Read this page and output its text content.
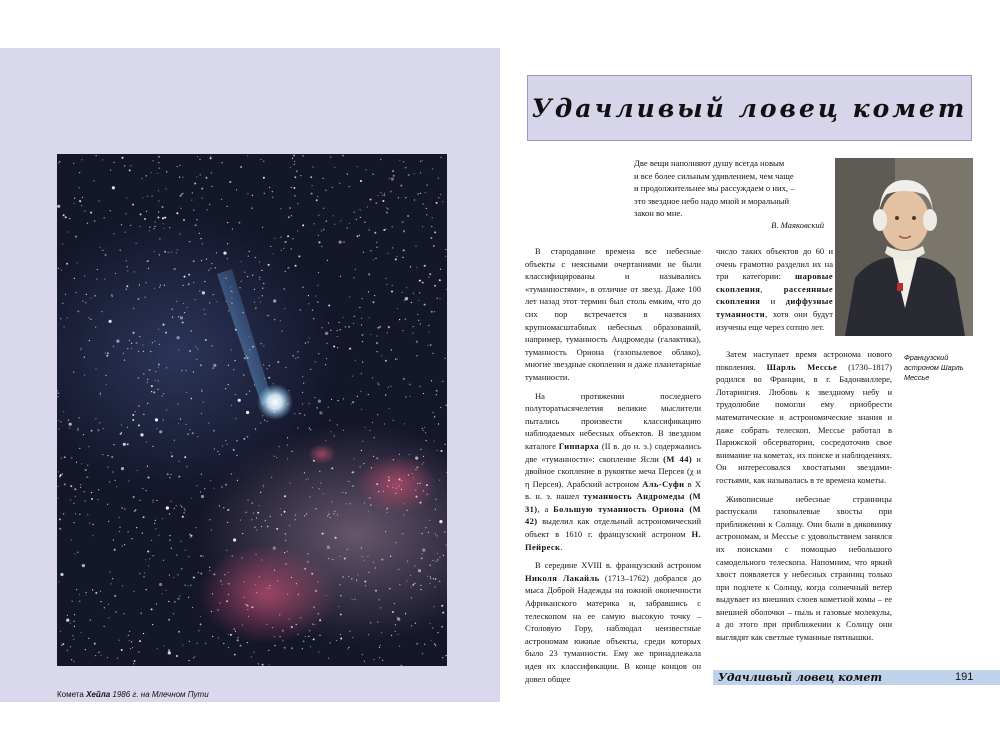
Комета Хейла 1986 г. на Млечном Пути
Удачливый ловец комет
Две вещи наполняют душу всегда новым
и все более сильным удивлением, чем чаще
и продолжительнее мы рассуждаем о них, –
это звездное небо надо мной и моральный
закон во мне.
В. Маяковский
Французский астроном Шарль Мессье

В стародавние времена все небесные объекты с неясными очертаниями не были классифицированы и назывались «туманностями», в отличие от звезд. Даже 100 лет назад этот термин был столь емким, что до сих пор встречается в названиях крупномасштабных небесных образований, например, туманность Андромеды (галактика), туманность Ориона (газопылевое облако), многие звездные скопления и даже планетарные туманности.

На протяжении последнего полуторатысячелетия великие мыслители пытались произвести классификацию наблюдаемых небесных объектов. В звездном каталоге Гиппарха (II в. до н. э.) содержались две «туманности»: скопление Ясли (М 44) и двойное скопление в рукоятке меча Персея (χ и η Персея). Арабский астроном Аль-Суфи в X в. н. э. нашел туманность Андромеды (М 31), а Большую туманность Ориона (М 42) выделил как отдельный астрономический объект в 1610 г. французский астроном Н. Пейреск.

В середине XVIII в. французский астроном Николя Лакайль (1713–1762) добрался до мыса Доброй Надежды на южной оконечности Африканского материка и, забравшись с телескопом на ее самую высокую точку – Столовую Гору, наблюдал неизвестные астрономам южные объекты, среди которых было 23 туманности. Ему же принадлежала идея их классификации. В конце концов он довел общее

число таких объектов до 60 и очень грамотно разделил их на три категории: шаровые скопления, рассеянные скопления и диффузные туманности, хотя они будут изучены еще через сотню лет.

Затем наступает время астронома нового поколения. Шарль Мессье (1730–1817) родился во Франции, в г. Бадонвиллере, Лотарингия. Любовь к звездному небу и трудолюбие помогли ему приобрести математические и астрономические знания и даже собрать телескоп. Мессье работал в Парижской обсерватории, сосредоточив свое внимание на кометах, их поиске и наблюдениях. Он интересовался хвостатыми звездами-гостьями, как называлась в те времена кометы.

Живописные небесные странницы распускали газопылевые хвосты при приближении к Солнцу. Они были в диковинку астрономам, и Мессье с удовольствием занялся их поисками с помощью небольшого самодельного телескопа. Напомним, что яркий хвост появляется у небесных странниц только при подлете к Солнцу, когда солнечный ветер выдувает из внешних слоев кометной комы – ее внешней оболочки – пыль и газовые молекулы, а до этого при приближении к Солнцу они выглядят как светлые туманные пятнышки.

Удачливый ловец комет	191
